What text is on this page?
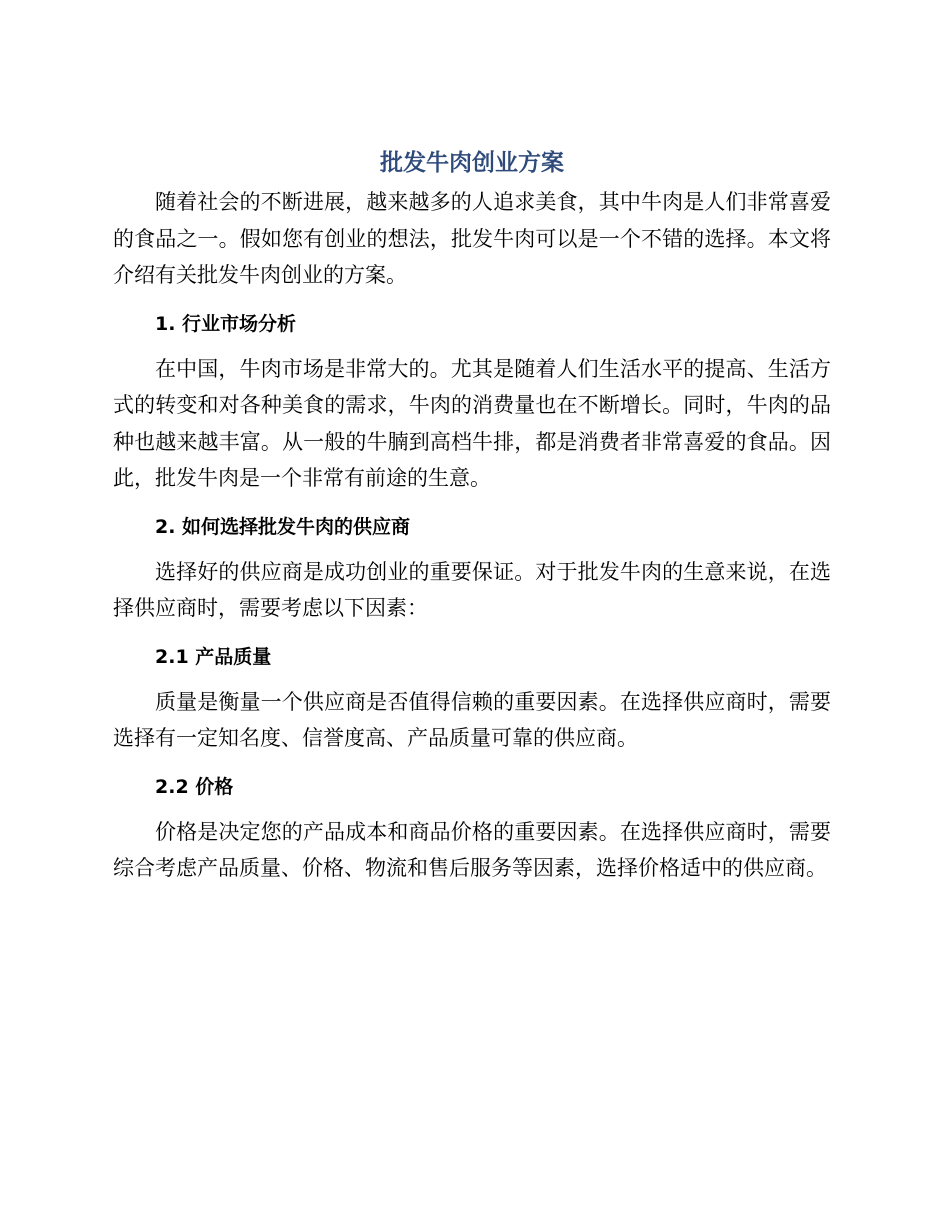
批发牛肉创业方案

随着社会的不断进展，越来越多的人追求美食，其中牛肉是人们非常喜爱的食品之一。假如您有创业的想法，批发牛肉可以是一个不错的选择。本文将介绍有关批发牛肉创业的方案。

1. 行业市场分析

在中国，牛肉市场是非常大的。尤其是随着人们生活水平的提高、生活方式的转变和对各种美食的需求，牛肉的消费量也在不断增长。同时，牛肉的品种也越来越丰富。从一般的牛腩到高档牛排，都是消费者非常喜爱的食品。因此，批发牛肉是一个非常有前途的生意。

2. 如何选择批发牛肉的供应商

选择好的供应商是成功创业的重要保证。对于批发牛肉的生意来说，在选择供应商时，需要考虑以下因素：

2.1 产品质量

质量是衡量一个供应商是否值得信赖的重要因素。在选择供应商时，需要选择有一定知名度、信誉度高、产品质量可靠的供应商。

2.2 价格

价格是决定您的产品成本和商品价格的重要因素。在选择供应商时，需要综合考虑产品质量、价格、物流和售后服务等因素，选择价格适中的供应商。
